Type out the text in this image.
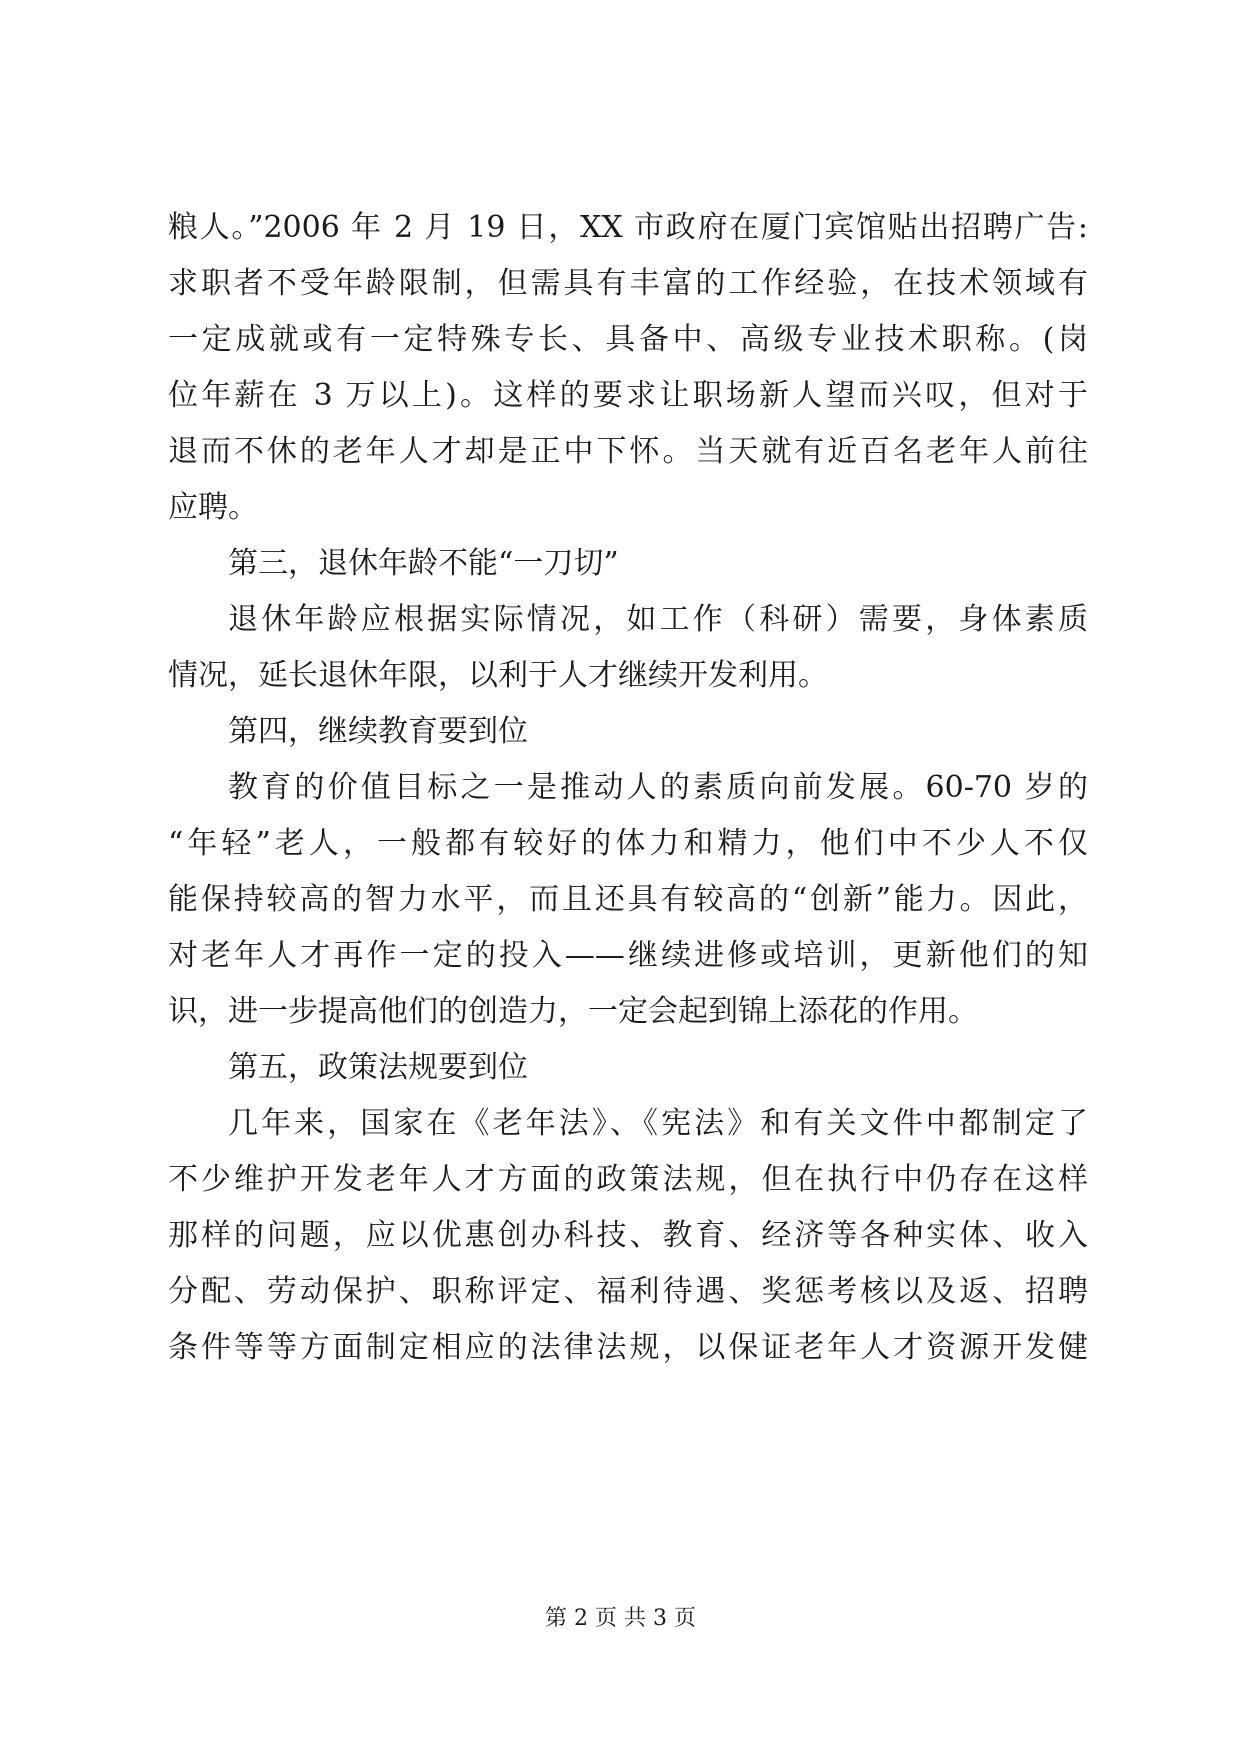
粮人。”2006 年 2 月 19 日，XX 市政府在厦门宾馆贴出招聘广告:
求职者不受年龄限制，但需具有丰富的工作经验，在技术领域有
一定成就或有一定特殊专长、具备中、高级专业技术职称。(岗
位年薪在 3 万以上)。这样的要求让职场新人望而兴叹，但对于
退而不休的老年人才却是正中下怀。当天就有近百名老年人前往
应聘。
第三，退休年龄不能“一刀切”
退休年龄应根据实际情况，如工作（科研）需要，身体素质
情况，延长退休年限，以利于人才继续开发利用。
第四，继续教育要到位
教育的价值目标之一是推动人的素质向前发展。60-70 岁的
“年轻”老人，一般都有较好的体力和精力，他们中不少人不仅
能保持较高的智力水平，而且还具有较高的“创新”能力。因此，
对老年人才再作一定的投入——继续进修或培训，更新他们的知
识，进一步提高他们的创造力，一定会起到锦上添花的作用。
第五，政策法规要到位
几年来，国家在《老年法》、《宪法》和有关文件中都制定了
不少维护开发老年人才方面的政策法规，但在执行中仍存在这样
那样的问题，应以优惠创办科技、教育、经济等各种实体、收入
分配、劳动保护、职称评定、福利待遇、奖惩考核以及返、招聘
条件等等方面制定相应的法律法规，以保证老年人才资源开发健
第 2 页 共 3 页
